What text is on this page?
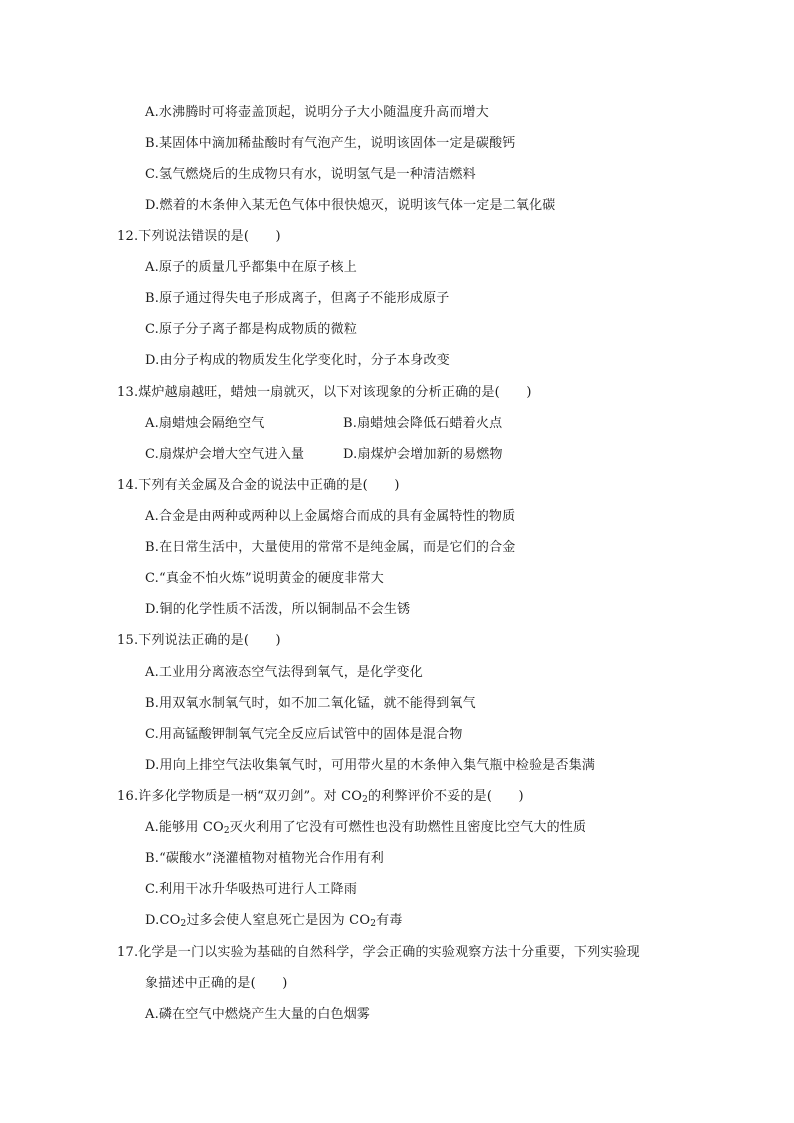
A.水沸腾时可将壶盖顶起，说明分子大小随温度升高而增大
B.某固体中滴加稀盐酸时有气泡产生，说明该固体一定是碳酸钙
C.氢气燃烧后的生成物只有水，说明氢气是一种清洁燃料
D.燃着的木条伸入某无色气体中很快熄灭，说明该气体一定是二氧化碳
12.下列说法错误的是(　　)
A.原子的质量几乎都集中在原子核上
B.原子通过得失电子形成离子，但离子不能形成原子
C.原子分子离子都是构成物质的微粒
D.由分子构成的物质发生化学变化时，分子本身改变
13.煤炉越扇越旺，蜡烛一扇就灭，以下对该现象的分析正确的是(　　)
A.扇蜡烛会隔绝空气	B.扇蜡烛会降低石蜡着火点
C.扇煤炉会增大空气进入量	D.扇煤炉会增加新的易燃物
14.下列有关金属及合金的说法中正确的是(　　)
A.合金是由两种或两种以上金属熔合而成的具有金属特性的物质
B.在日常生活中，大量使用的常常不是纯金属，而是它们的合金
C.“真金不怕火炼”说明黄金的硬度非常大
D.铜的化学性质不活泼，所以铜制品不会生锈
15.下列说法正确的是(　　)
A.工业用分离液态空气法得到氧气，是化学变化
B.用双氧水制氧气时，如不加二氧化锰，就不能得到氧气
C.用高锰酸钾制氧气完全反应后试管中的固体是混合物
D.用向上排空气法收集氧气时，可用带火星的木条伸入集气瓶中检验是否集满
16.许多化学物质是一柄“双刃剑”。对 $CO_2$的利弊评价不妥的是(　　)
A.能够用 $CO_2$灭火利用了它没有可燃性也没有助燃性且密度比空气大的性质
B.“碳酸水”浇灌植物对植物光合作用有利
C.利用干冰升华吸热可进行人工降雨
$D.CO_2$过多会使人窒息死亡是因为 $CO_2$有毒
17.化学是一门以实验为基础的自然科学，学会正确的实验观察方法十分重要，下列实验现
象描述中正确的是(　　)
A.磷在空气中燃烧产生大量的白色烟雾
